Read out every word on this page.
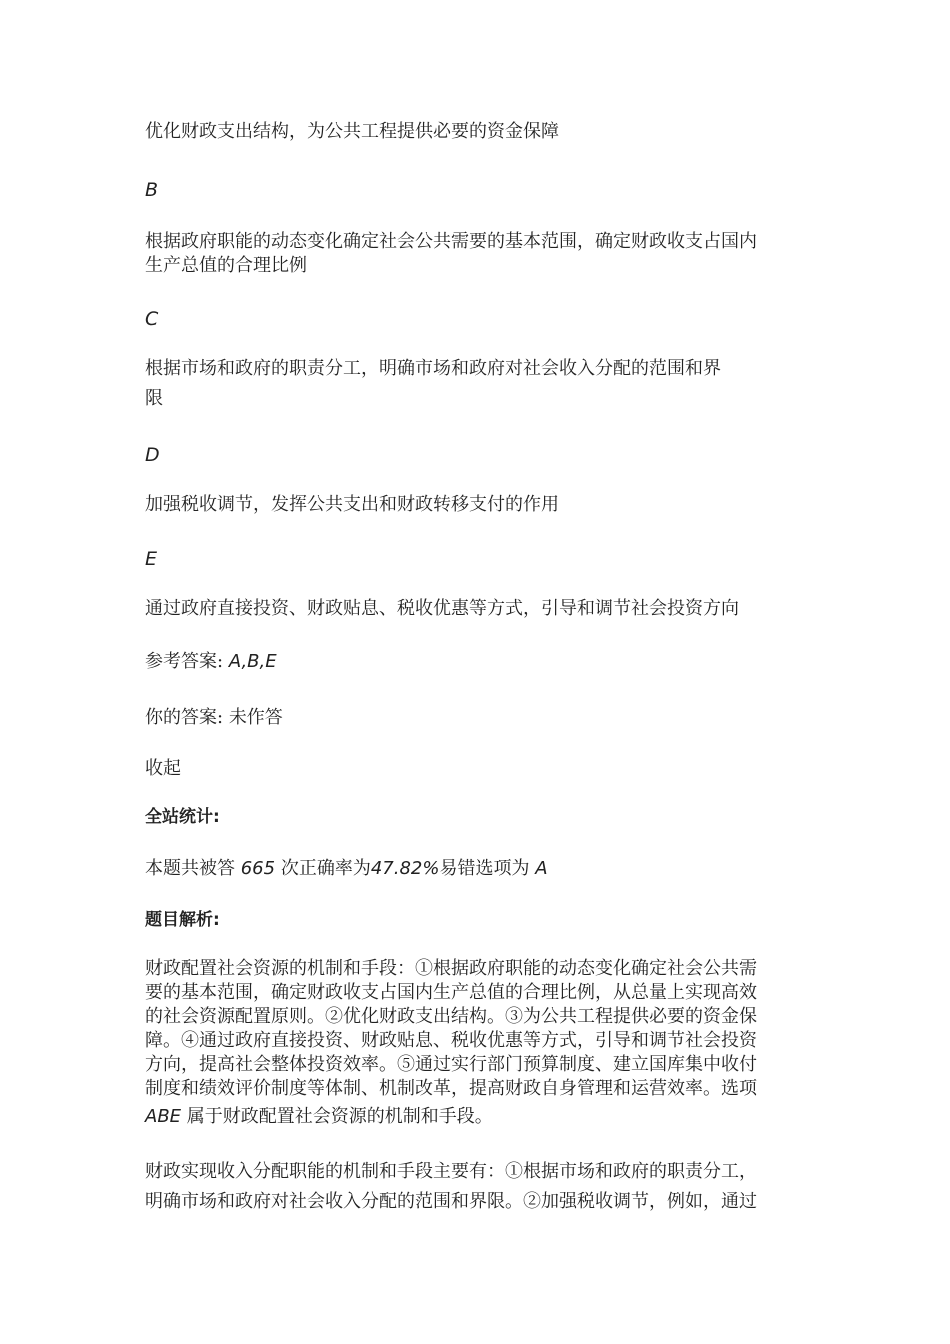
优化财政支出结构，为公共工程提供必要的资金保障

B

根据政府职能的动态变化确定社会公共需要的基本范围，确定财政收支占国内

生产总值的合理比例

C

根据市场和政府的职责分工，明确市场和政府对社会收入分配的范围和界

限

D

加强税收调节，发挥公共支出和财政转移支付的作用

E

通过政府直接投资、财政贴息、税收优惠等方式，引导和调节社会投资方向

参考答案: A,B,E

你的答案: 未作答

收起

全站统计:

本题共被答 665 次正确率为47.82%易错选项为 A

题目解析:

财政配置社会资源的机制和手段：①根据政府职能的动态变化确定社会公共需
要的基本范围，确定财政收支占国内生产总值的合理比例，从总量上实现高效
的社会资源配置原则。②优化财政支出结构。③为公共工程提供必要的资金保
障。④通过政府直接投资、财政贴息、税收优惠等方式，引导和调节社会投资
方向，提高社会整体投资效率。⑤通过实行部门预算制度、建立国库集中收付
制度和绩效评价制度等体制、机制改革，提高财政自身管理和运营效率。选项
ABE 属于财政配置社会资源的机制和手段。
财政实现收入分配职能的机制和手段主要有：①根据市场和政府的职责分工，
明确市场和政府对社会收入分配的范围和界限。②加强税收调节，例如，通过
